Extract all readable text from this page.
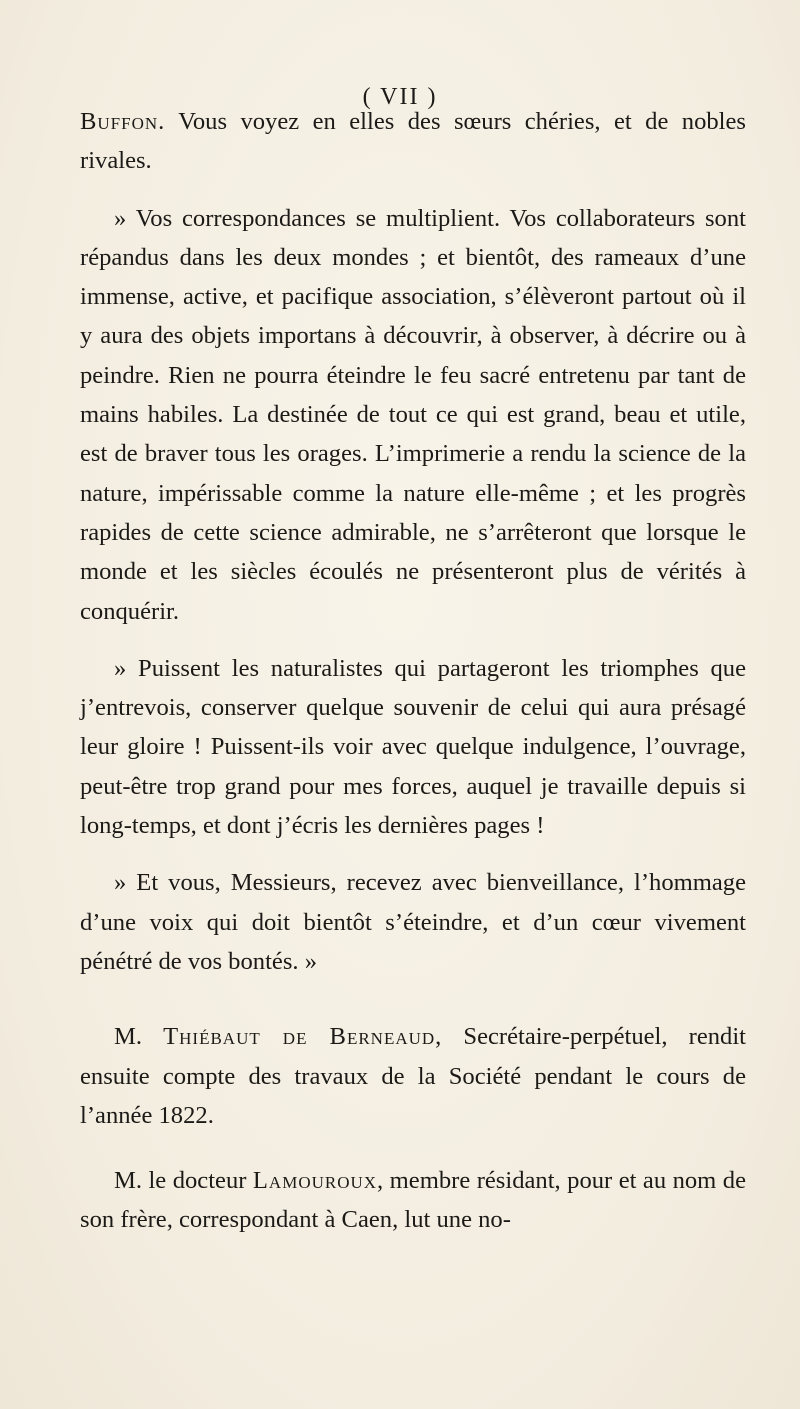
( VII )

Buffon. Vous voyez en elles des sœurs chéries, et de nobles rivales.

» Vos correspondances se multiplient. Vos collaborateurs sont répandus dans les deux mondes ; et bientôt, des rameaux d’une immense, active, et pacifique association, s’élèveront partout où il y aura des objets importans à découvrir, à observer, à décrire ou à peindre. Rien ne pourra éteindre le feu sacré entretenu par tant de mains habiles. La destinée de tout ce qui est grand, beau et utile, est de braver tous les orages. L’imprimerie a rendu la science de la nature, impérissable comme la nature elle-même ; et les progrès rapides de cette science admirable, ne s’arrêteront que lorsque le monde et les siècles écoulés ne présenteront plus de vérités à conquérir.

» Puissent les naturalistes qui partageront les triomphes que j’entrevois, conserver quelque souvenir de celui qui aura présagé leur gloire ! Puissent-ils voir avec quelque indulgence, l’ouvrage, peut-être trop grand pour mes forces, auquel je travaille depuis si long-temps, et dont j’écris les dernières pages !

» Et vous, Messieurs, recevez avec bienveillance, l’hommage d’une voix qui doit bientôt s’éteindre, et d’un cœur vivement pénétré de vos bontés. »

M. Thiébaut de Berneaud, Secrétaire-perpétuel, rendit ensuite compte des travaux de la Société pendant le cours de l’année 1822.

M. le docteur Lamouroux, membre résidant, pour et au nom de son frère, correspondant à Caen, lut une no-
